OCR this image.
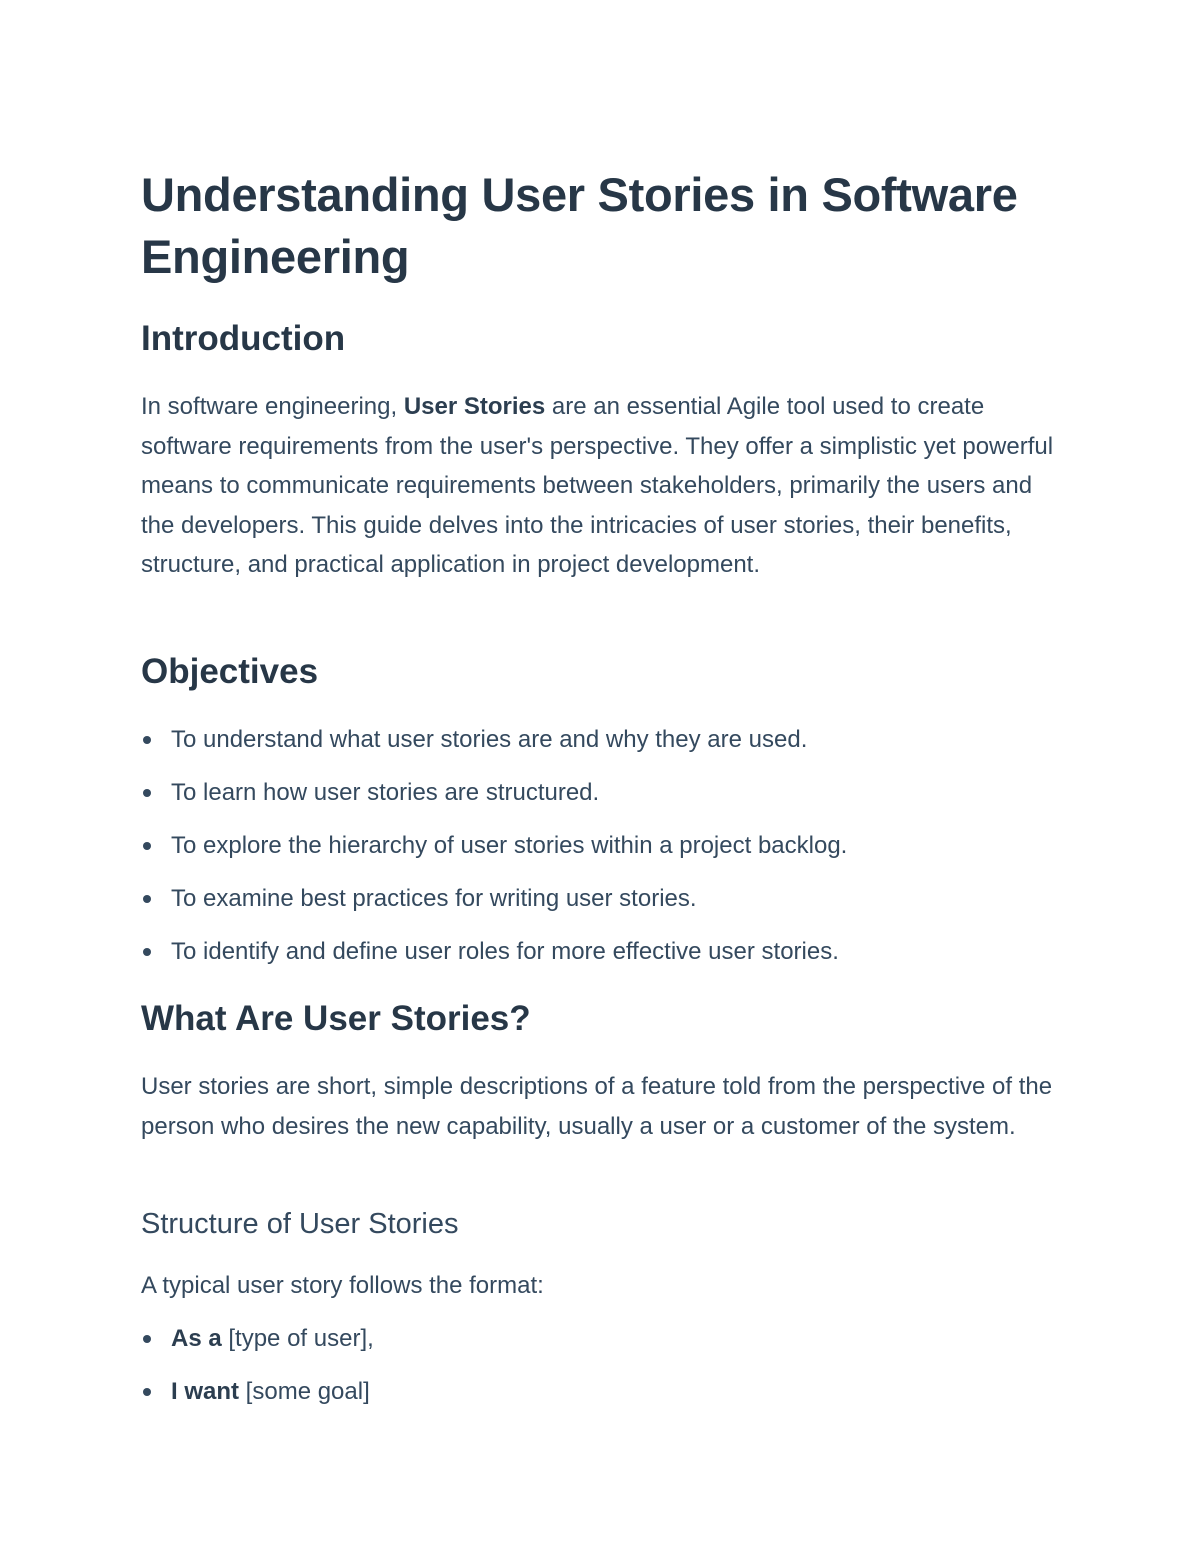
Understanding User Stories in Software Engineering
Introduction

In software engineering, User Stories are an essential Agile tool used to create software requirements from the user's perspective. They offer a simplistic yet powerful means to communicate requirements between stakeholders, primarily the users and the developers. This guide delves into the intricacies of user stories, their benefits, structure, and practical application in project development.

Objectives
To understand what user stories are and why they are used.
To learn how user stories are structured.
To explore the hierarchy of user stories within a project backlog.
To examine best practices for writing user stories.
To identify and define user roles for more effective user stories.
What Are User Stories?

User stories are short, simple descriptions of a feature told from the perspective of the person who desires the new capability, usually a user or a customer of the system.

Structure of User Stories

A typical user story follows the format:

As a [type of user],
I want [some goal]
